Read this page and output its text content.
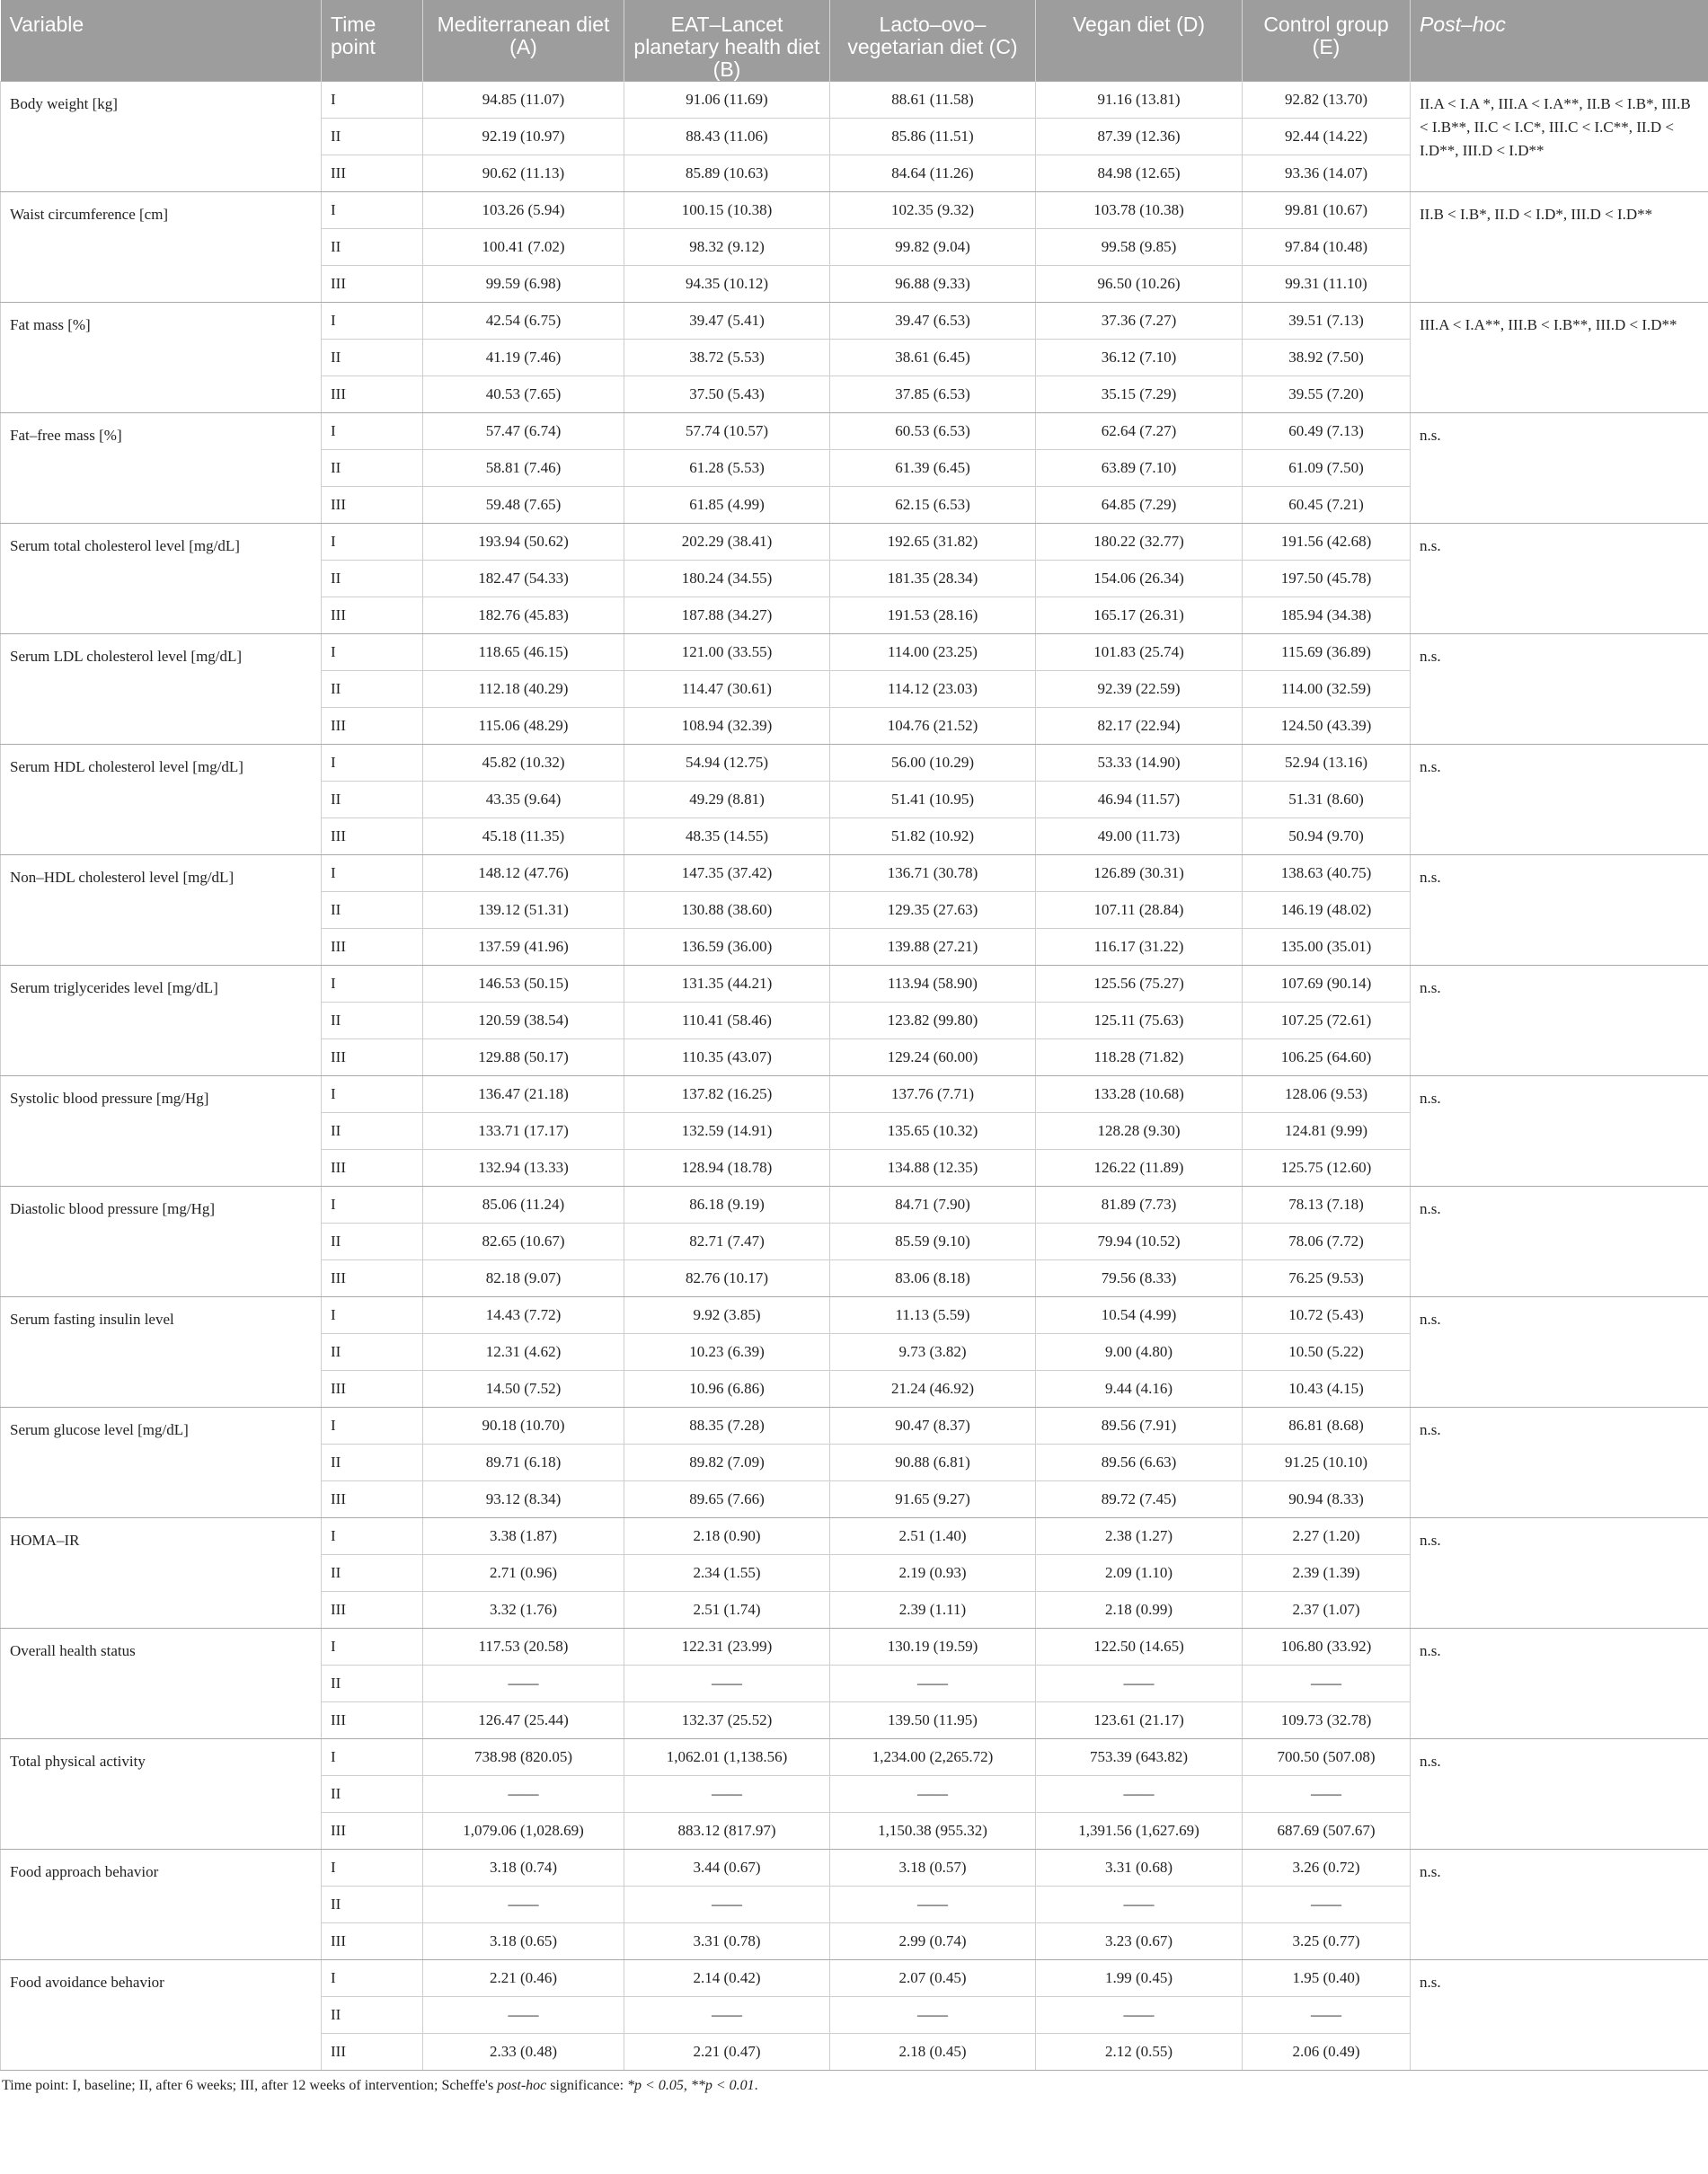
Variable	Time point	Mediterranean diet (A)	EAT–Lancet planetary health diet (B)	Lacto–ovo–vegetarian diet (C)	Vegan diet (D)	Control group (E)	Post–hoc
Body weight [kg]	I	94.85 (11.07)	91.06 (11.69)	88.61 (11.58)	91.16 (13.81)	92.82 (13.70)	II.A < I.A *, III.A < I.A**, II.B < I.B*, III.B < I.B**, II.C < I.C*, III.C < I.C**, II.D < I.D**, III.D < I.D**
	II	92.19 (10.97)	88.43 (11.06)	85.86 (11.51)	87.39 (12.36)	92.44 (14.22)	
	III	90.62 (11.13)	85.89 (10.63)	84.64 (11.26)	84.98 (12.65)	93.36 (14.07)	
Waist circumference [cm]	I	103.26 (5.94)	100.15 (10.38)	102.35 (9.32)	103.78 (10.38)	99.81 (10.67)	II.B < I.B*, II.D < I.D*, III.D < I.D**
	II	100.41 (7.02)	98.32 (9.12)	99.82 (9.04)	99.58 (9.85)	97.84 (10.48)	
	III	99.59 (6.98)	94.35 (10.12)	96.88 (9.33)	96.50 (10.26)	99.31 (11.10)	
Fat mass [%]	I	42.54 (6.75)	39.47 (5.41)	39.47 (6.53)	37.36 (7.27)	39.51 (7.13)	III.A < I.A**, III.B < I.B**, III.D < I.D**
	II	41.19 (7.46)	38.72 (5.53)	38.61 (6.45)	36.12 (7.10)	38.92 (7.50)	
	III	40.53 (7.65)	37.50 (5.43)	37.85 (6.53)	35.15 (7.29)	39.55 (7.20)	
Fat–free mass [%]	I	57.47 (6.74)	57.74 (10.57)	60.53 (6.53)	62.64 (7.27)	60.49 (7.13)	n.s.
	II	58.81 (7.46)	61.28 (5.53)	61.39 (6.45)	63.89 (7.10)	61.09 (7.50)	
	III	59.48 (7.65)	61.85 (4.99)	62.15 (6.53)	64.85 (7.29)	60.45 (7.21)	
Serum total cholesterol level [mg/dL]	I	193.94 (50.62)	202.29 (38.41)	192.65 (31.82)	180.22 (32.77)	191.56 (42.68)	n.s.
	II	182.47 (54.33)	180.24 (34.55)	181.35 (28.34)	154.06 (26.34)	197.50 (45.78)	
	III	182.76 (45.83)	187.88 (34.27)	191.53 (28.16)	165.17 (26.31)	185.94 (34.38)	
Serum LDL cholesterol level [mg/dL]	I	118.65 (46.15)	121.00 (33.55)	114.00 (23.25)	101.83 (25.74)	115.69 (36.89)	n.s.
	II	112.18 (40.29)	114.47 (30.61)	114.12 (23.03)	92.39 (22.59)	114.00 (32.59)	
	III	115.06 (48.29)	108.94 (32.39)	104.76 (21.52)	82.17 (22.94)	124.50 (43.39)	
Serum HDL cholesterol level [mg/dL]	I	45.82 (10.32)	54.94 (12.75)	56.00 (10.29)	53.33 (14.90)	52.94 (13.16)	n.s.
	II	43.35 (9.64)	49.29 (8.81)	51.41 (10.95)	46.94 (11.57)	51.31 (8.60)	
	III	45.18 (11.35)	48.35 (14.55)	51.82 (10.92)	49.00 (11.73)	50.94 (9.70)	
Non–HDL cholesterol level [mg/dL]	I	148.12 (47.76)	147.35 (37.42)	136.71 (30.78)	126.89 (30.31)	138.63 (40.75)	n.s.
	II	139.12 (51.31)	130.88 (38.60)	129.35 (27.63)	107.11 (28.84)	146.19 (48.02)	
	III	137.59 (41.96)	136.59 (36.00)	139.88 (27.21)	116.17 (31.22)	135.00 (35.01)	
Serum triglycerides level [mg/dL]	I	146.53 (50.15)	131.35 (44.21)	113.94 (58.90)	125.56 (75.27)	107.69 (90.14)	n.s.
	II	120.59 (38.54)	110.41 (58.46)	123.82 (99.80)	125.11 (75.63)	107.25 (72.61)	
	III	129.88 (50.17)	110.35 (43.07)	129.24 (60.00)	118.28 (71.82)	106.25 (64.60)	
Systolic blood pressure [mg/Hg]	I	136.47 (21.18)	137.82 (16.25)	137.76 (7.71)	133.28 (10.68)	128.06 (9.53)	n.s.
	II	133.71 (17.17)	132.59 (14.91)	135.65 (10.32)	128.28 (9.30)	124.81 (9.99)	
	III	132.94 (13.33)	128.94 (18.78)	134.88 (12.35)	126.22 (11.89)	125.75 (12.60)	
Diastolic blood pressure [mg/Hg]	I	85.06 (11.24)	86.18 (9.19)	84.71 (7.90)	81.89 (7.73)	78.13 (7.18)	n.s.
	II	82.65 (10.67)	82.71 (7.47)	85.59 (9.10)	79.94 (10.52)	78.06 (7.72)	
	III	82.18 (9.07)	82.76 (10.17)	83.06 (8.18)	79.56 (8.33)	76.25 (9.53)	
Serum fasting insulin level	I	14.43 (7.72)	9.92 (3.85)	11.13 (5.59)	10.54 (4.99)	10.72 (5.43)	n.s.
	II	12.31 (4.62)	10.23 (6.39)	9.73 (3.82)	9.00 (4.80)	10.50 (5.22)	
	III	14.50 (7.52)	10.96 (6.86)	21.24 (46.92)	9.44 (4.16)	10.43 (4.15)	
Serum glucose level [mg/dL]	I	90.18 (10.70)	88.35 (7.28)	90.47 (8.37)	89.56 (7.91)	86.81 (8.68)	n.s.
	II	89.71 (6.18)	89.82 (7.09)	90.88 (6.81)	89.56 (6.63)	91.25 (10.10)	
	III	93.12 (8.34)	89.65 (7.66)	91.65 (9.27)	89.72 (7.45)	90.94 (8.33)	
HOMA–IR	I	3.38 (1.87)	2.18 (0.90)	2.51 (1.40)	2.38 (1.27)	2.27 (1.20)	n.s.
	II	2.71 (0.96)	2.34 (1.55)	2.19 (0.93)	2.09 (1.10)	2.39 (1.39)	
	III	3.32 (1.76)	2.51 (1.74)	2.39 (1.11)	2.18 (0.99)	2.37 (1.07)	
Overall health status	I	117.53 (20.58)	122.31 (23.99)	130.19 (19.59)	122.50 (14.65)	106.80 (33.92)	n.s.
	II	——	——	——	——	——	
	III	126.47 (25.44)	132.37 (25.52)	139.50 (11.95)	123.61 (21.17)	109.73 (32.78)	
Total physical activity	I	738.98 (820.05)	1,062.01 (1,138.56)	1,234.00 (2,265.72)	753.39 (643.82)	700.50 (507.08)	n.s.
	II	——	——	——	——	——	
	III	1,079.06 (1,028.69)	883.12 (817.97)	1,150.38 (955.32)	1,391.56 (1,627.69)	687.69 (507.67)	
Food approach behavior	I	3.18 (0.74)	3.44 (0.67)	3.18 (0.57)	3.31 (0.68)	3.26 (0.72)	n.s.
	II	——	——	——	——	——	
	III	3.18 (0.65)	3.31 (0.78)	2.99 (0.74)	3.23 (0.67)	3.25 (0.77)	
Food avoidance behavior	I	2.21 (0.46)	2.14 (0.42)	2.07 (0.45)	1.99 (0.45)	1.95 (0.40)	n.s.
	II	——	——	——	——	——	
	III	2.33 (0.48)	2.21 (0.47)	2.18 (0.45)	2.12 (0.55)	2.06 (0.49)	
Time point: I, baseline; II, after 6 weeks; III, after 12 weeks of intervention; Scheffe's post-hoc significance: *p < 0.05, **p < 0.01.
